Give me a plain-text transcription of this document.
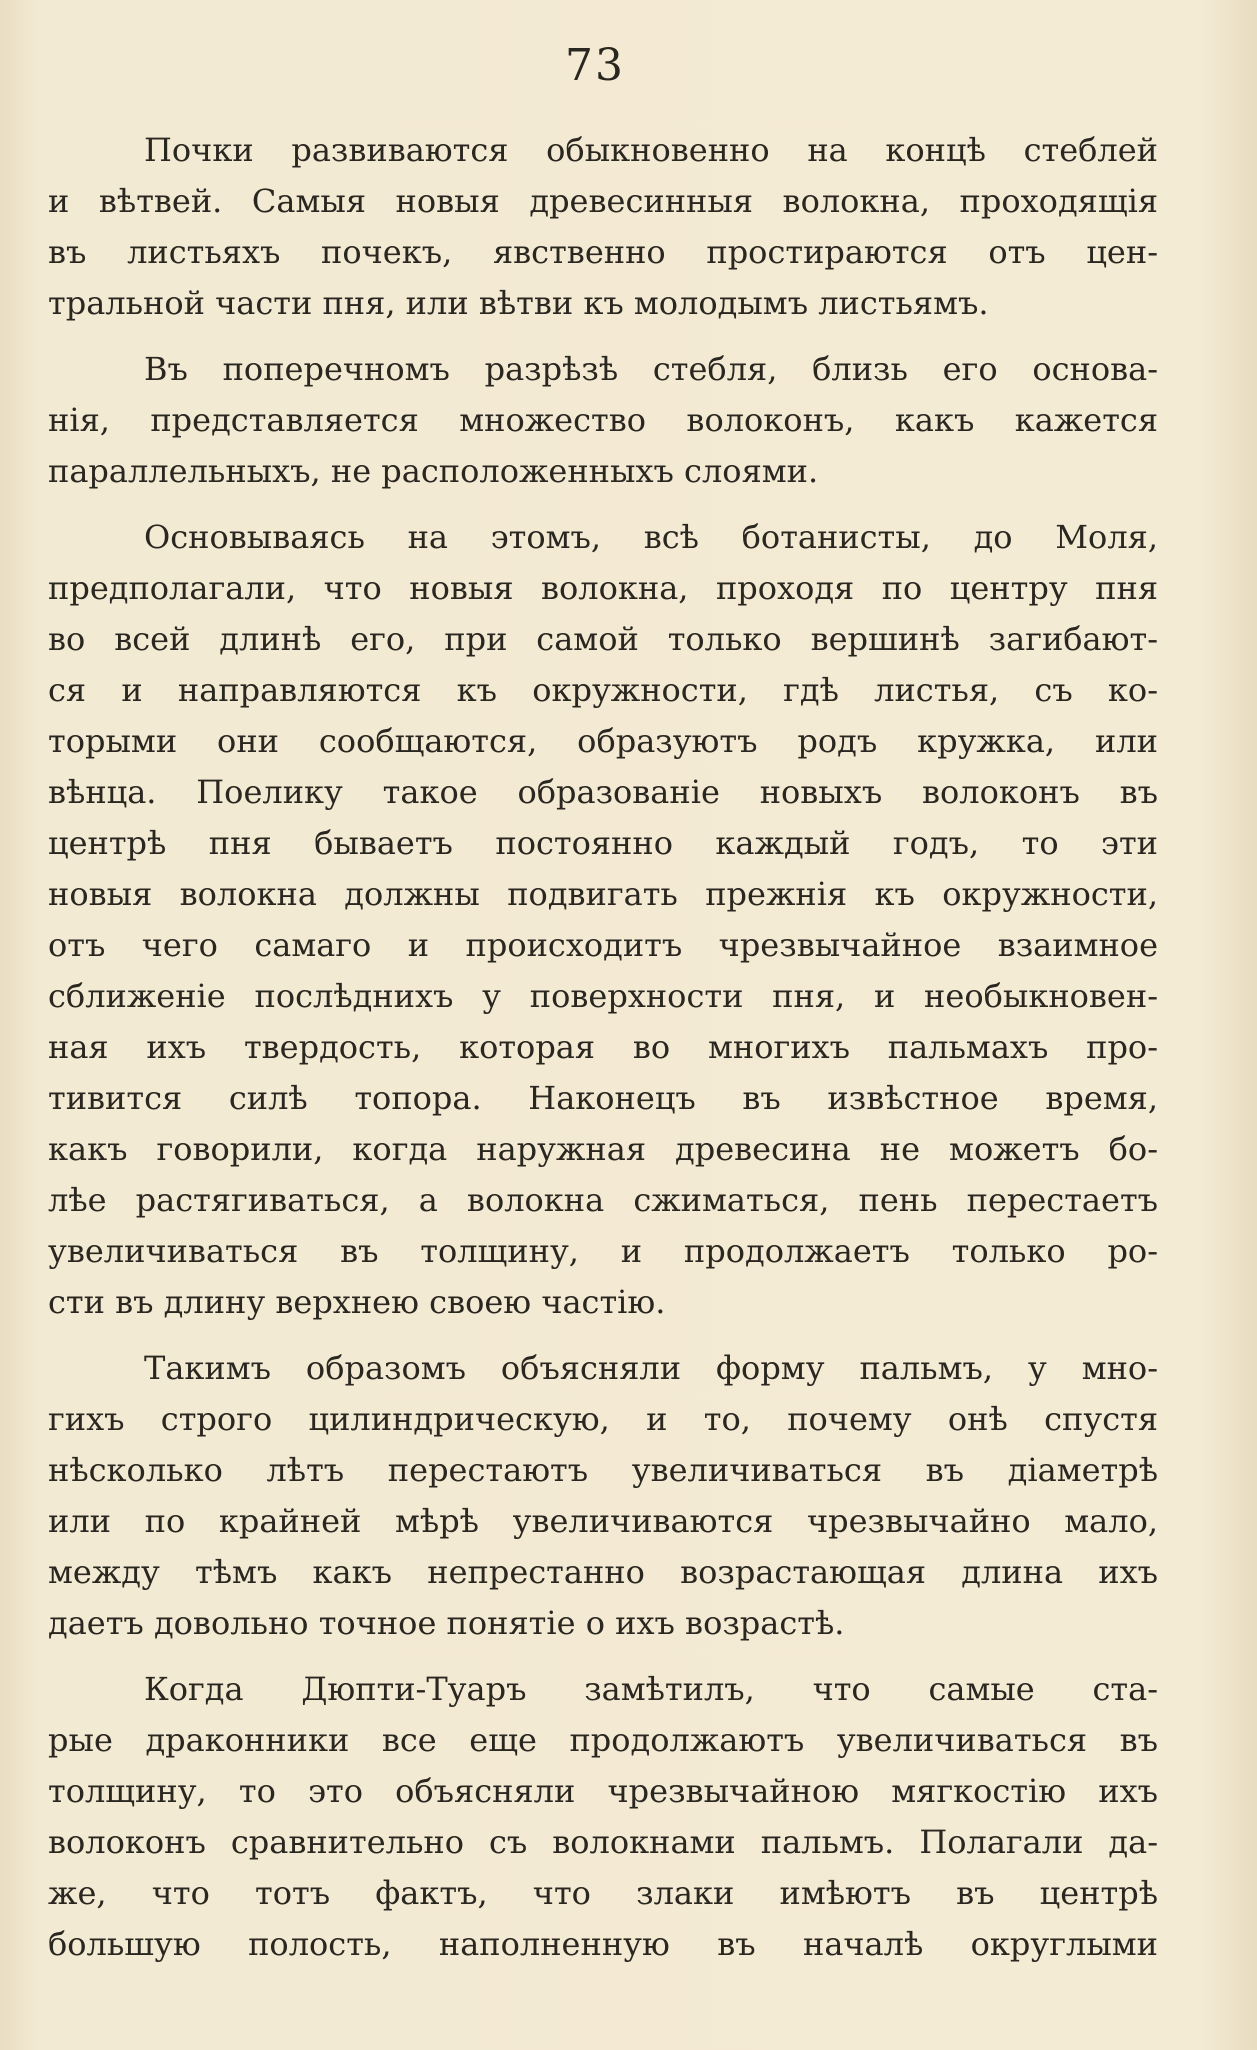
73
Почки развиваются обыкновенно на концѣ стеблей
и вѣтвей. Самыя новыя древесинныя волокна, проходящія
въ листьяхъ почекъ, явственно простираются отъ цен-
тральной части пня, или вѣтви къ молодымъ листьямъ.
Въ поперечномъ разрѣзѣ стебля, близь его основа-
нія, представляется множество волоконъ, какъ кажется
параллельныхъ, не расположенныхъ слоями.
Основываясь на этомъ, всѣ ботанисты, до Моля,
предполагали, что новыя волокна, проходя по центру пня
во всей длинѣ его, при самой только вершинѣ загибают-
ся и направляются къ окружности, гдѣ листья, съ ко-
торыми они сообщаются, образуютъ родъ кружка, или
вѣнца. Поелику такое образованіе новыхъ волоконъ въ
центрѣ пня бываетъ постоянно каждый годъ, то эти
новыя волокна должны подвигать прежнія къ окружности,
отъ чего самаго и происходитъ чрезвычайное взаимное
сближеніе послѣднихъ у поверхности пня, и необыкновен-
ная ихъ твердость, которая во многихъ пальмахъ про-
тивится силѣ топора. Наконецъ въ извѣстное время,
какъ говорили, когда наружная древесина не можетъ бо-
лѣе растягиваться, а волокна сжиматься, пень перестаетъ
увеличиваться въ толщину, и продолжаетъ только ро-
сти въ длину верхнею своею частію.
Такимъ образомъ объясняли форму пальмъ, у мно-
гихъ строго цилиндрическую, и то, почему онѣ спустя
нѣсколько лѣтъ перестаютъ увеличиваться въ діаметрѣ
или по крайней мѣрѣ увеличиваются чрезвычайно мало,
между тѣмъ какъ непрестанно возрастающая длина ихъ
даетъ довольно точное понятіе о ихъ возрастѣ.
Когда Дюпти-Туаръ замѣтилъ, что самые ста-
рые драконники все еще продолжаютъ увеличиваться въ
толщину, то это объясняли чрезвычайною мягкостію ихъ
волоконъ сравнительно съ волокнами пальмъ. Полагали да-
же, что тотъ фактъ, что злаки имѣютъ въ центрѣ
большую полость, наполненную въ началѣ округлыми
